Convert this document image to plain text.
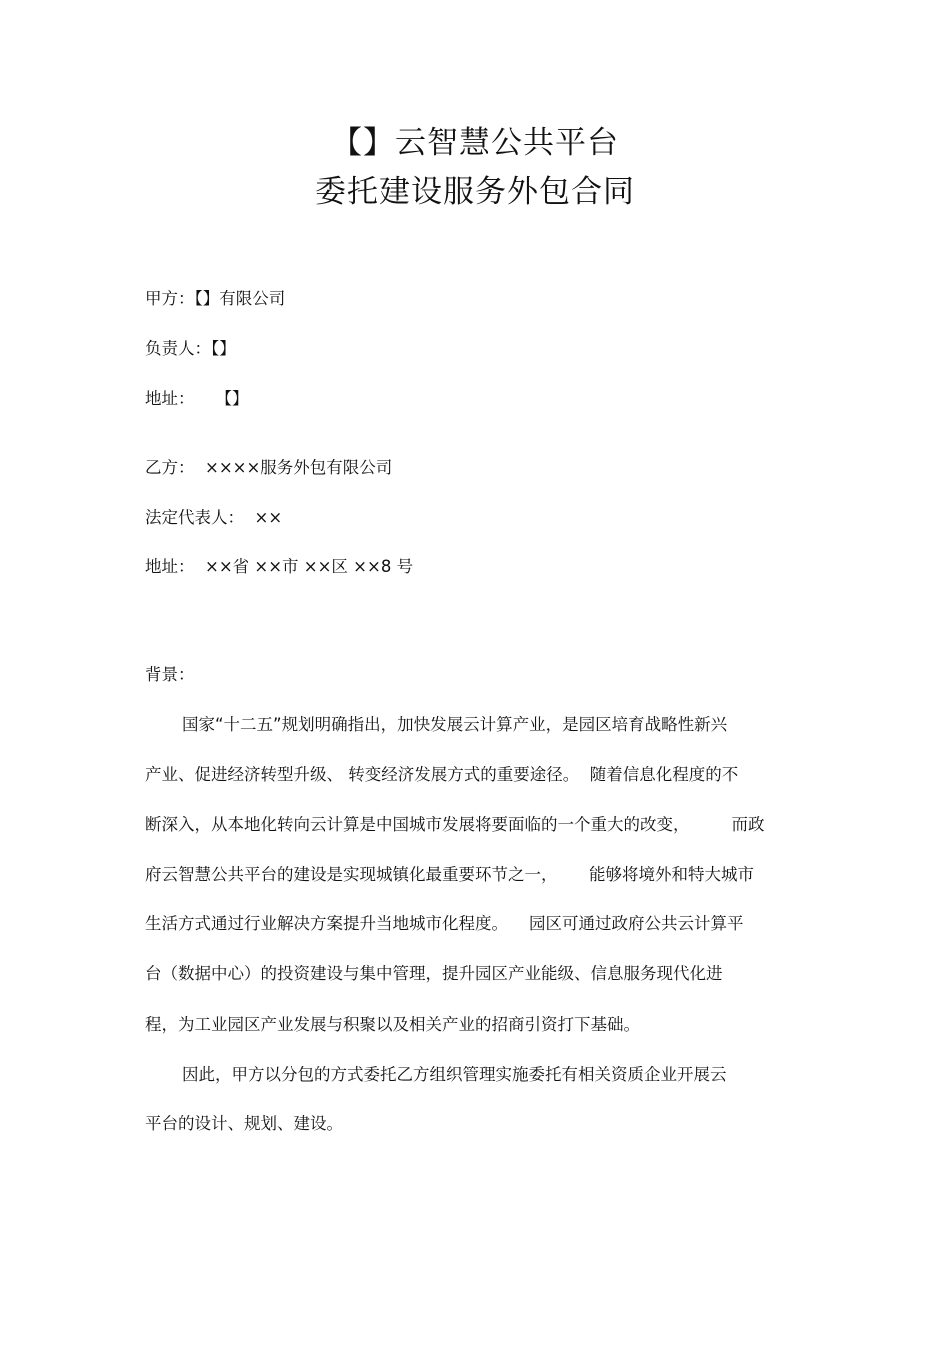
【】云智慧公共平台
委托建设服务外包合同

甲方：【】有限公司

负责人：【】

地址：    【】

乙方：  ××××服务外包有限公司

法定代表人：  ××

地址：  ××省 ××市 ××区 ××8 号

背景：

国家“十二五”规划明确指出，加快发展云计算产业，是园区培育战略性新兴

产业、促进经济转型升级、 转变经济发展方式的重要途径。  随着信息化程度的不

断深入，从本地化转向云计算是中国城市发展将要面临的一个重大的改变，        而政

府云智慧公共平台的建设是实现城镇化最重要环节之一，      能够将境外和特大城市

生活方式通过行业解决方案提升当地城市化程度。    园区可通过政府公共云计算平

台（数据中心）的投资建设与集中管理，提升园区产业能级、信息服务现代化进

程，为工业园区产业发展与积聚以及相关产业的招商引资打下基础。

因此，甲方以分包的方式委托乙方组织管理实施委托有相关资质企业开展云

平台的设计、规划、建设。
